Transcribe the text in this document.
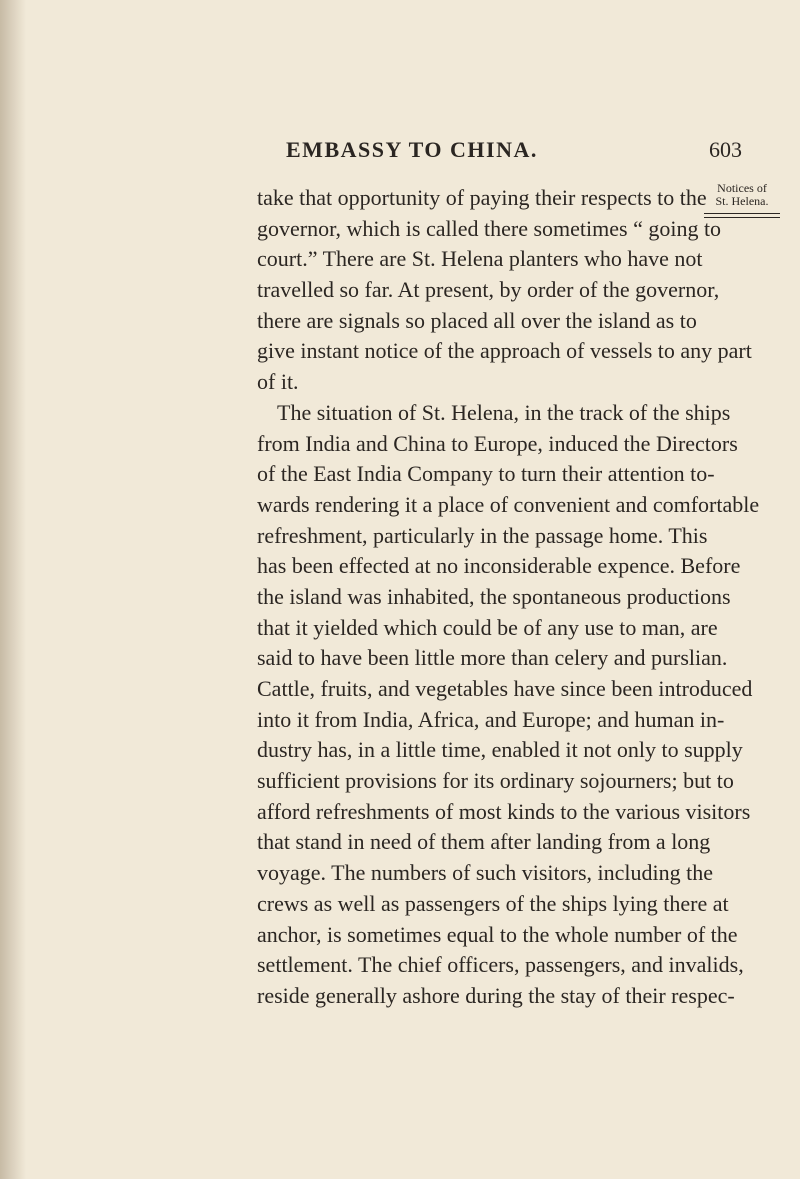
EMBASSY TO CHINA.	603
Notices of
St. Helena.
take that opportunity of paying their respects to the
governor, which is called there sometimes “ going to
court.” There are St. Helena planters who have not
travelled so far. At present, by order of the governor,
there are signals so placed all over the island as to
give instant notice of the approach of vessels to any part
of it.
The situation of St. Helena, in the track of the ships
from India and China to Europe, induced the Directors
of the East India Company to turn their attention to-
wards rendering it a place of convenient and comfortable
refreshment, particularly in the passage home. This
has been effected at no inconsiderable expence. Before
the island was inhabited, the spontaneous productions
that it yielded which could be of any use to man, are
said to have been little more than celery and purslian.
Cattle, fruits, and vegetables have since been introduced
into it from India, Africa, and Europe; and human in-
dustry has, in a little time, enabled it not only to supply
sufficient provisions for its ordinary sojourners; but to
afford refreshments of most kinds to the various visitors
that stand in need of them after landing from a long
voyage. The numbers of such visitors, including the
crews as well as passengers of the ships lying there at
anchor, is sometimes equal to the whole number of the
settlement. The chief officers, passengers, and invalids,
reside generally ashore during the stay of their respec-
